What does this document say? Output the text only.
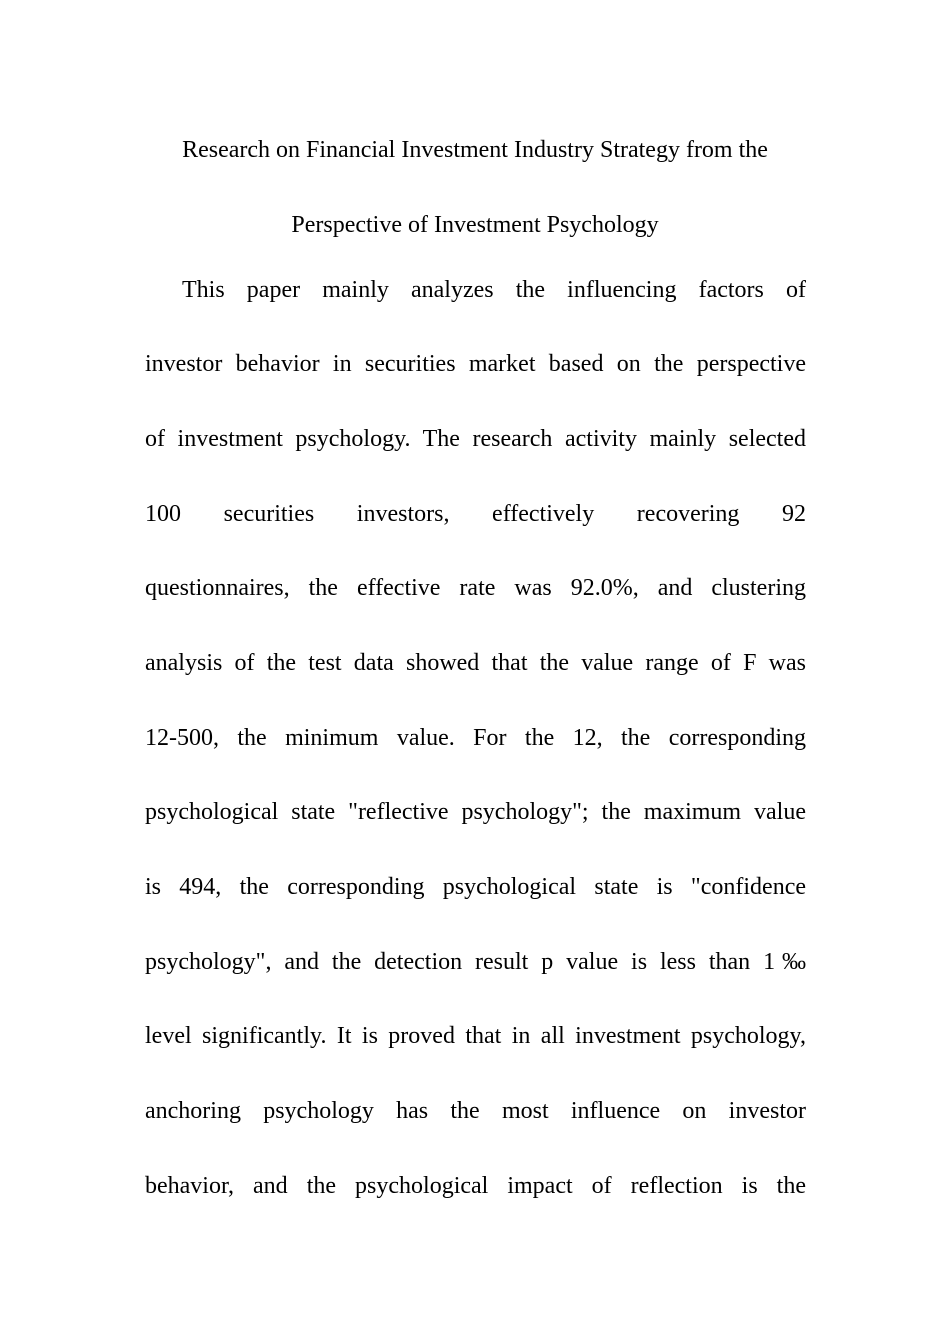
Research on Financial Investment Industry Strategy from the
Perspective of Investment Psychology
This paper mainly analyzes the influencing factors of
investor behavior in securities market based on the perspective
of investment psychology. The research activity mainly selected
100 securities investors, effectively recovering 92
questionnaires, the effective rate was 92.0%, and clustering
analysis of the test data showed that the value range of F was
12-500, the minimum value. For the 12, the corresponding
psychological state "reflective psychology"; the maximum value
is 494, the corresponding psychological state is "confidence
psychology", and the detection result p value is less than 1‰
level significantly. It is proved that in all investment psychology,
anchoring psychology has the most influence on investor
behavior, and the psychological impact of reflection is the
